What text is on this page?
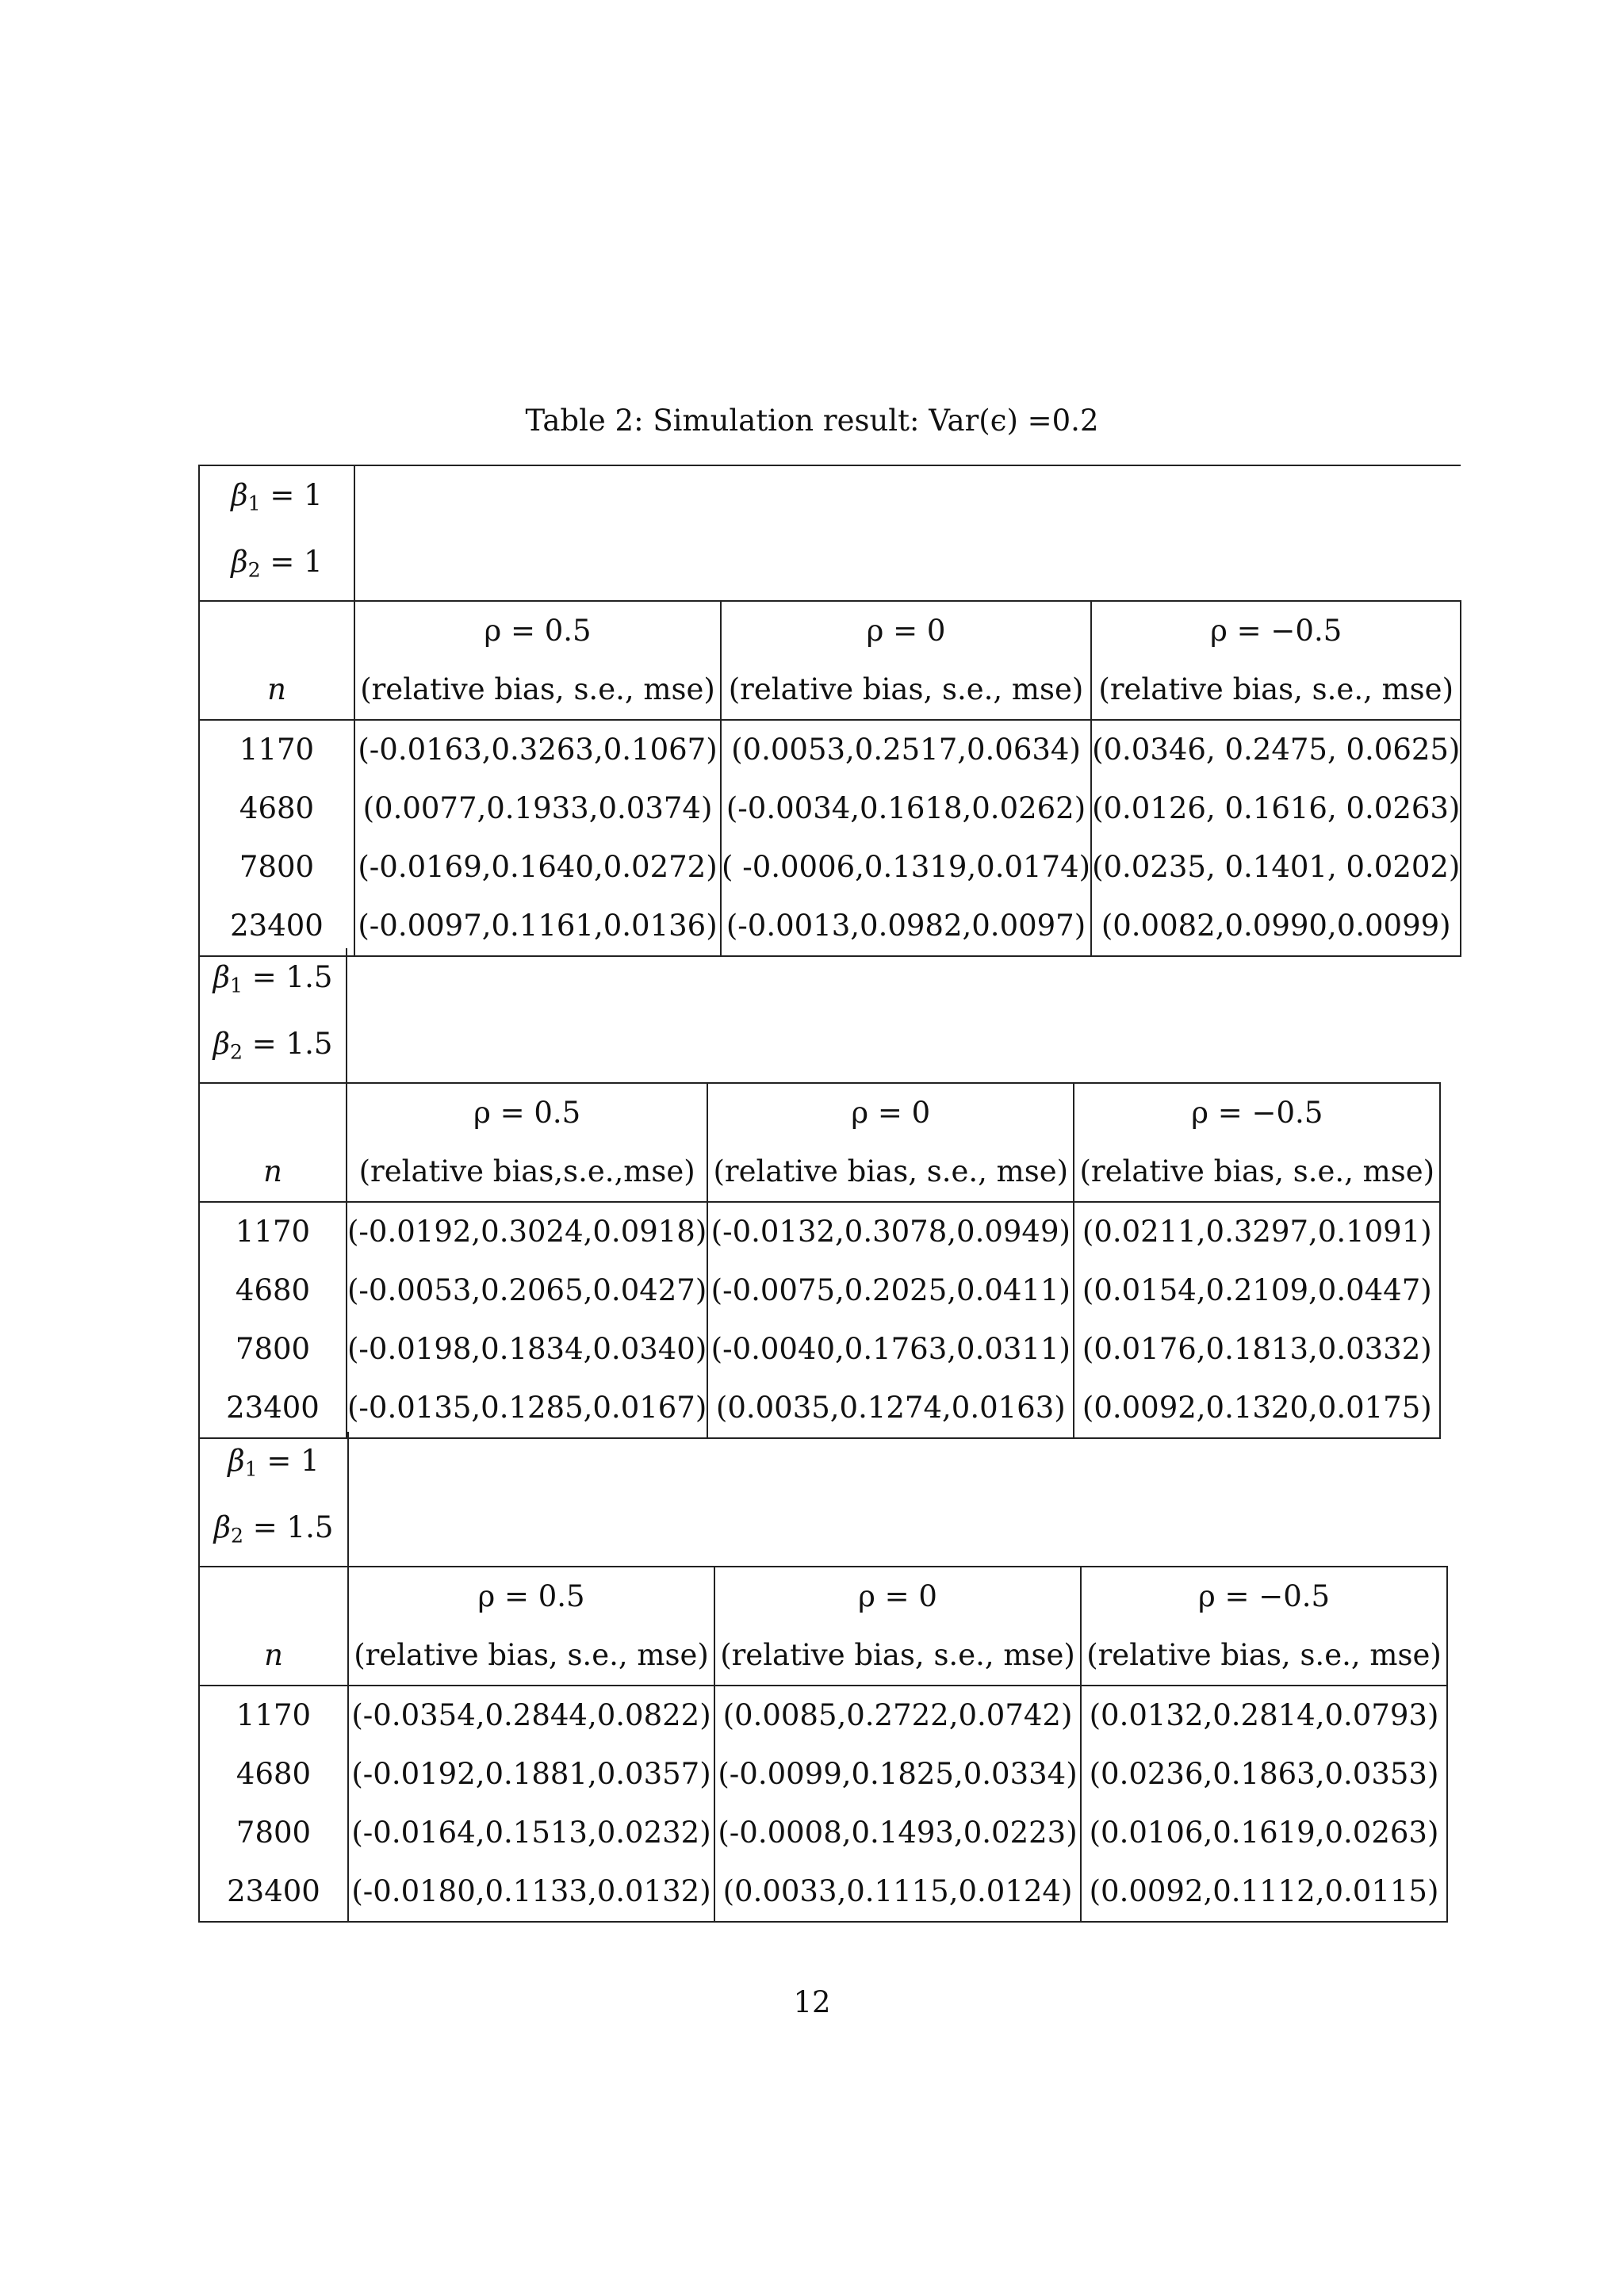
Table 2: Simulation result: Var(ϵ) =0.2
$\beta_1 = 1$			
$\beta_2 = 1$			
	ρ = 0.5	ρ = 0	ρ = −0.5
n	(relative bias, s.e., mse)	(relative bias, s.e., mse)	(relative bias, s.e., mse)
1170	(-0.0163,0.3263,0.1067)	(0.0053,0.2517,0.0634)	(0.0346, 0.2475, 0.0625)
4680	(0.0077,0.1933,0.0374)	(-0.0034,0.1618,0.0262)	(0.0126, 0.1616, 0.0263)
7800	(-0.0169,0.1640,0.0272)	( -0.0006,0.1319,0.0174)	(0.0235, 0.1401, 0.0202)
23400	(-0.0097,0.1161,0.0136)	(-0.0013,0.0982,0.0097)	(0.0082,0.0990,0.0099)
$\beta_1 = 1.5$			
$\beta_2 = 1.5$			
	ρ = 0.5	ρ = 0	ρ = −0.5
n	(relative bias,s.e.,mse)	(relative bias, s.e., mse)	(relative bias, s.e., mse)
1170	(-0.0192,0.3024,0.0918)	(-0.0132,0.3078,0.0949)	(0.0211,0.3297,0.1091)
4680	(-0.0053,0.2065,0.0427)	(-0.0075,0.2025,0.0411)	(0.0154,0.2109,0.0447)
7800	(-0.0198,0.1834,0.0340)	(-0.0040,0.1763,0.0311)	(0.0176,0.1813,0.0332)
23400	(-0.0135,0.1285,0.0167)	(0.0035,0.1274,0.0163)	(0.0092,0.1320,0.0175)
$\beta_1 = 1$			
$\beta_2 = 1.5$			
	ρ = 0.5	ρ = 0	ρ = −0.5
n	(relative bias, s.e., mse)	(relative bias, s.e., mse)	(relative bias, s.e., mse)
1170	(-0.0354,0.2844,0.0822)	(0.0085,0.2722,0.0742)	(0.0132,0.2814,0.0793)
4680	(-0.0192,0.1881,0.0357)	(-0.0099,0.1825,0.0334)	(0.0236,0.1863,0.0353)
7800	(-0.0164,0.1513,0.0232)	(-0.0008,0.1493,0.0223)	(0.0106,0.1619,0.0263)
23400	(-0.0180,0.1133,0.0132)	(0.0033,0.1115,0.0124)	(0.0092,0.1112,0.0115)
12
